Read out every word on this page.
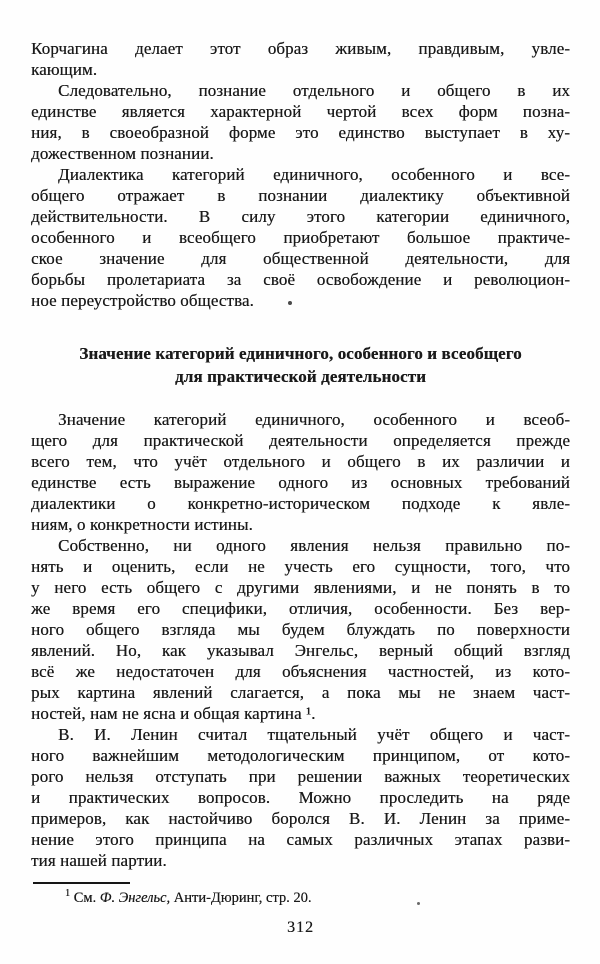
Корчагина делает этот образ живым, правдивым, увле-
кающим.
Следовательно, познание отдельного и общего в их
единстве является характерной чертой всех форм позна-
ния, в своеобразной форме это единство выступает в ху-
дожественном познании.
Диалектика категорий единичного, особенного и все-
общего отражает в познании диалектику объективной
действительности. В силу этого категории единичного,
особенного и всеобщего приобретают большое практиче-
ское значение для общественной деятельности, для
борьбы пролетариата за своё освобождение и революцион-
ное переустройство общества.
Значение категорий единичного, особенного и всеобщего
для практической деятельности
Значение категорий единичного, особенного и всеоб-
щего для практической деятельности определяется прежде
всего тем, что учёт отдельного и общего в их различии и
единстве есть выражение одного из основных требований
диалектики о конкретно-историческом подходе к явле-
ниям, о конкретности истины.
Собственно, ни одного явления нельзя правильно по-
нять и оценить, если не учесть его сущности, того, что
у него есть общего с другими явлениями, и не понять в то
же время его специфики, отличия, особенности. Без вер-
ного общего взгляда мы будем блуждать по поверхности
явлений. Но, как указывал Энгельс, верный общий взгляд
всё же недостаточен для объяснения частностей, из кото-
рых картина явлений слагается, а пока мы не знаем част-
ностей, нам не ясна и общая картина ¹.
В. И. Ленин считал тщательный учёт общего и част-
ного важнейшим методологическим принципом, от кото-
рого нельзя отступать при решении важных теоретических
и практических вопросов. Можно проследить на ряде
примеров, как настойчиво боролся В. И. Ленин за приме-
нение этого принципа на самых различных этапах разви-
тия нашей партии.
$^1$ См. Ф. Энгельс, Анти-Дюринг, стр. 20.
312
